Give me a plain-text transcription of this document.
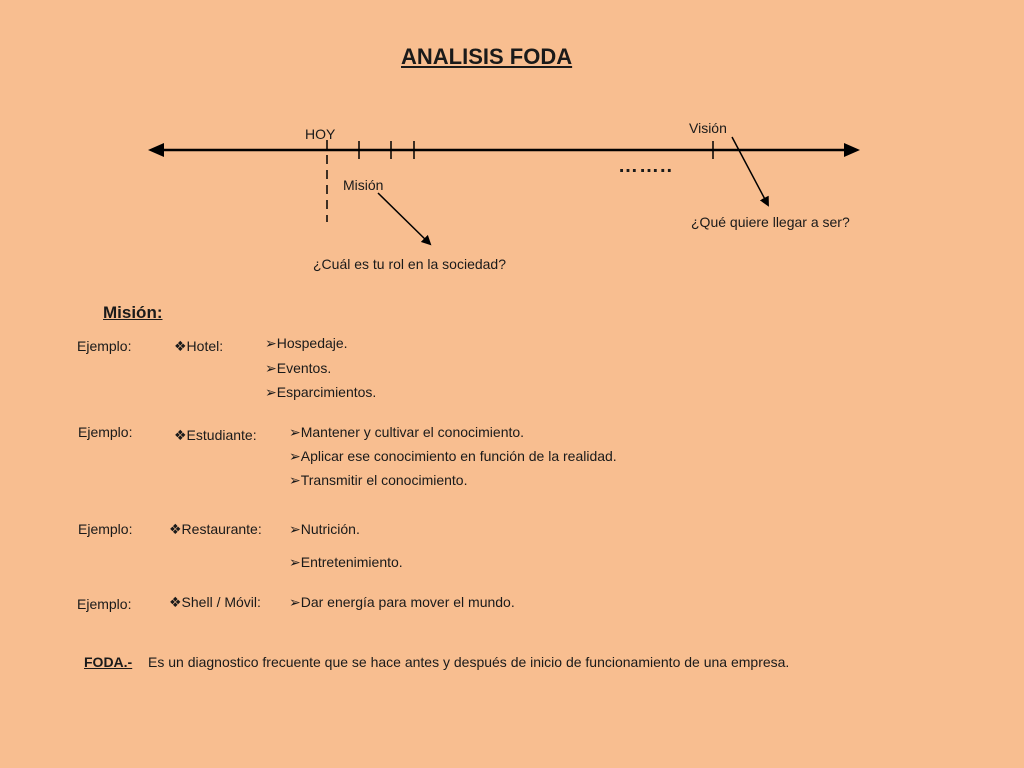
ANALISIS FODA
HOY	Visión
Misión
……..
¿Qué quiere llegar a ser?
¿Cuál es tu rol en la sociedad?
Misión:
Ejemplo:	❖Hotel:	➢Hospedaje.
➢Eventos.
➢Esparcimientos.
Ejemplo:	❖Estudiante: ➢Mantener y cultivar el conocimiento.
➢Aplicar ese conocimiento en función de la realidad.
➢Transmitir el conocimiento.
Ejemplo:	❖Restaurante: ➢Nutrición.
➢Entretenimiento.
Ejemplo:	❖Shell / Móvil: ➢Dar energía para mover el mundo.
FODA.- Es un diagnostico frecuente que se hace antes y después de inicio de funcionamiento de una empresa.
